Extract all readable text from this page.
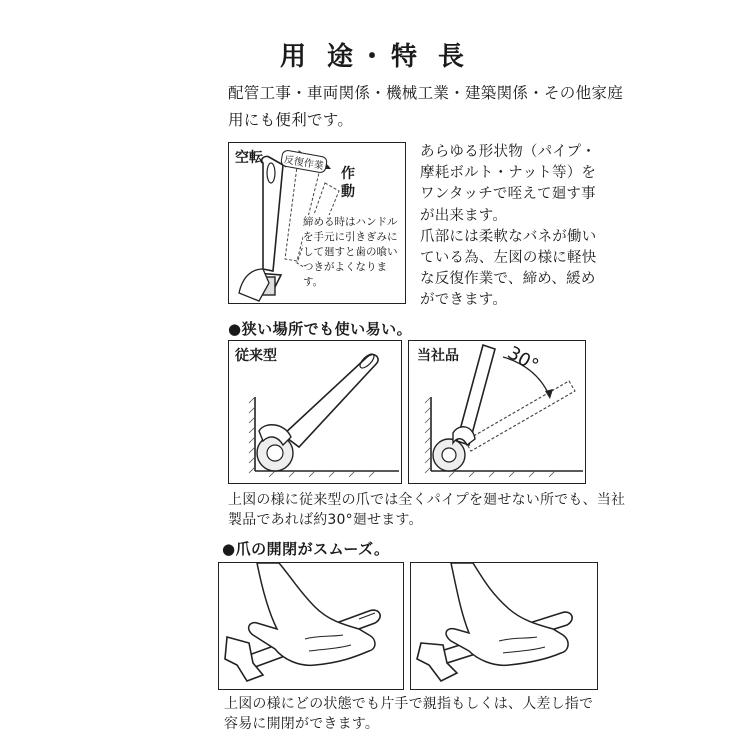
用 途・特 長
配管工事・車両関係・機械工業・建築関係・その他家庭用にも便利です。
空転	反復作業
作
動
締める時はハンドルを手元に引きぎみにして廻すと歯の喰いつきがよくなります。

あらゆる形状物（パイプ・摩耗ボルト・ナット等）をワンタッチで咥えて廻す事が出来ます。

爪部には柔軟なバネが働いている為、左図の様に軽快な反復作業で、締め、緩めができます。

●狭い場所でも使い易い。
従来型	当社品 30°
上図の様に従来型の爪では全くパイプを廻せない所でも、当社製品であれば約30°廻せます。
●爪の開閉がスムーズ。
上図の様にどの状態でも片手で親指もしくは、人差し指で容易に開閉ができます。
